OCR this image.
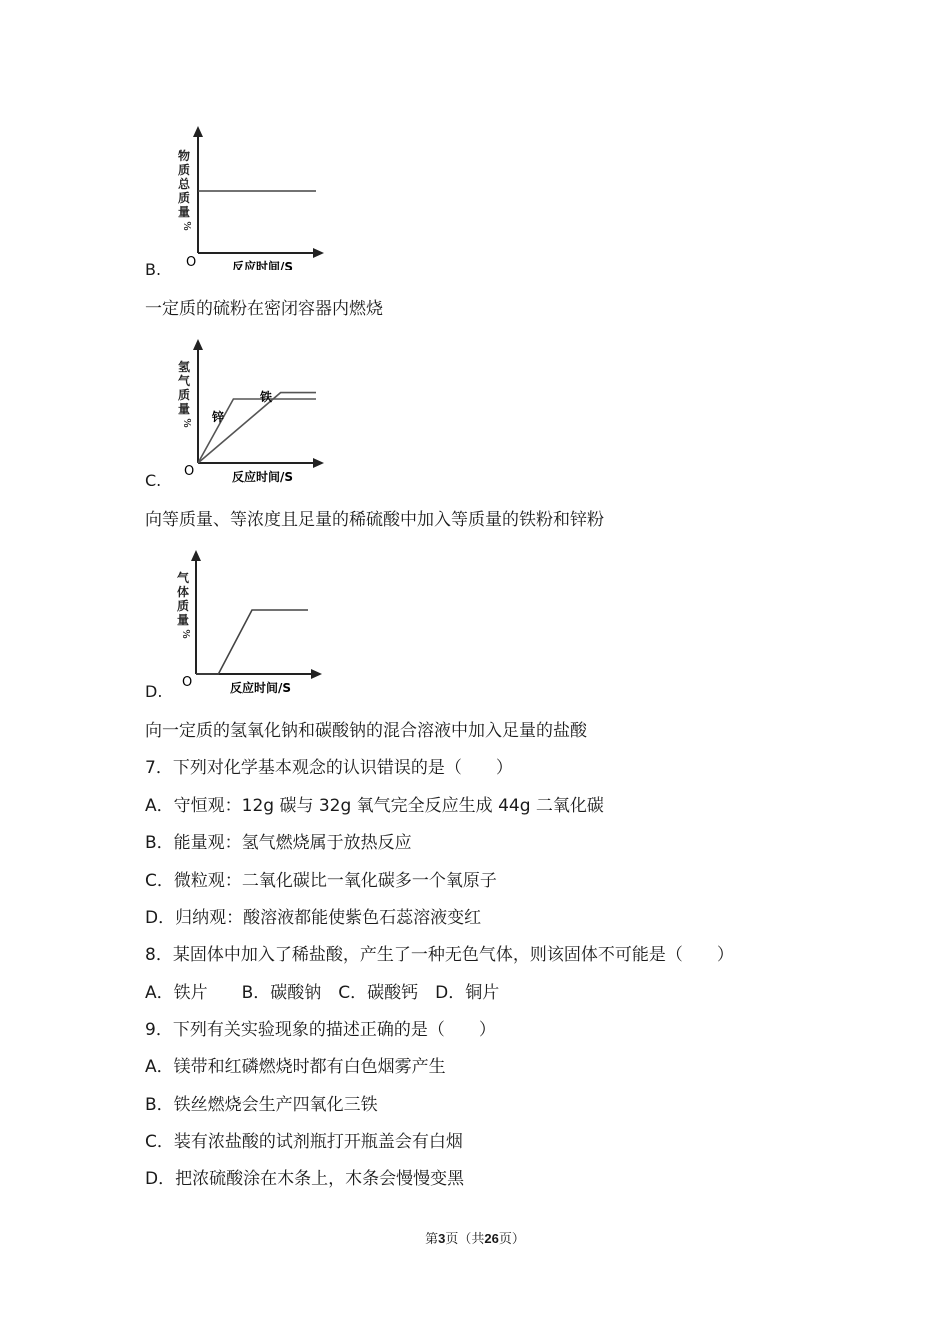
物
质
总
质
量
%
O	反应时间/S
B.
一定质的硫粉在密闭容器内燃烧
锌
铁
氢
气
质
量
%
O	反应时间/S
C.
向等质量、等浓度且足量的稀硫酸中加入等质量的铁粉和锌粉
气
体
质
量
%
O	反应时间/S
D.
向一定质的氢氧化钠和碳酸钠的混合溶液中加入足量的盐酸
7．下列对化学基本观念的认识错误的是（　　）
A．守恒观：12g 碳与 32g 氧气完全反应生成 44g 二氧化碳
B．能量观：氢气燃烧属于放热反应
C．微粒观：二氧化碳比一氧化碳多一个氧原子
D．归纳观：酸溶液都能使紫色石蕊溶液变红
8．某固体中加入了稀盐酸，产生了一种无色气体，则该固体不可能是（　　）
A．铁片　　B．碳酸钠　C．碳酸钙　D．铜片
9．下列有关实验现象的描述正确的是（　　）
A．镁带和红磷燃烧时都有白色烟雾产生
B．铁丝燃烧会生产四氧化三铁
C．装有浓盐酸的试剂瓶打开瓶盖会有白烟
D．把浓硫酸涂在木条上，木条会慢慢变黑
第3页（共26页）
